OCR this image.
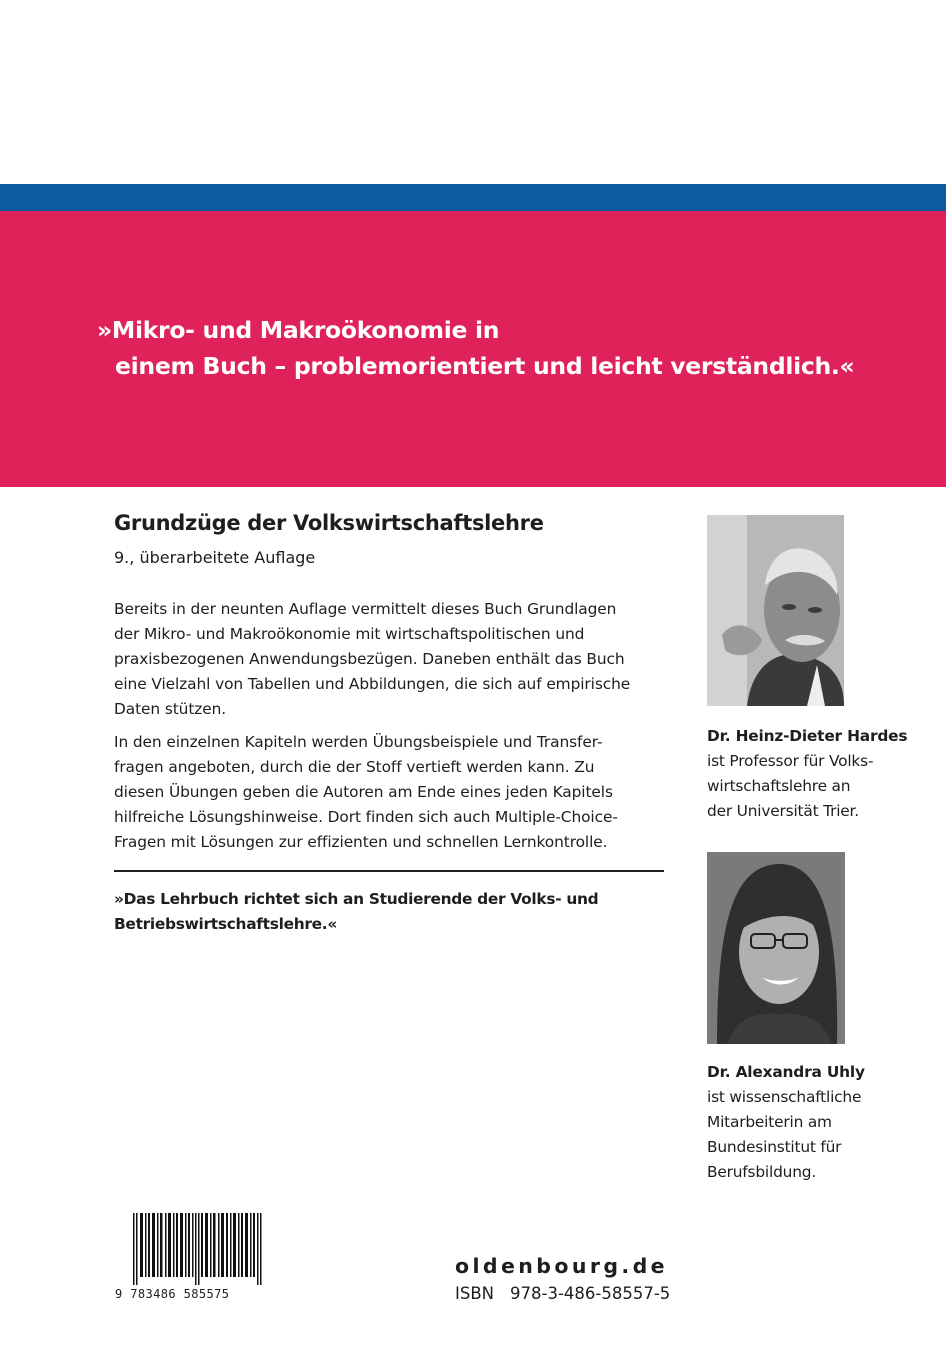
»Mikro- und Makroökonomie in
einem Buch – problemorientiert und leicht verständlich.«
Grundzüge der Volkswirtschaftslehre
9., überarbeitete Auflage
Bereits in der neunten Auflage vermittelt dieses Buch Grundlagen
der Mikro- und Makroökonomie mit wirtschaftspolitischen und
praxisbezogenen Anwendungsbezügen. Daneben enthält das Buch
eine Vielzahl von Tabellen und Abbildungen, die sich auf empirische
Daten stützen.
In den einzelnen Kapiteln werden Übungsbeispiele und Transfer-
fragen angeboten, durch die der Stoff vertieft werden kann. Zu
diesen Übungen geben die Autoren am Ende eines jeden Kapitels
hilfreiche Lösungshinweise. Dort finden sich auch Multiple-Choice-
Fragen mit Lösungen zur effizienten und schnellen Lernkontrolle.
»Das Lehrbuch richtet sich an Studierende der Volks- und
Betriebswirtschaftslehre.«
Dr. Heinz-Dieter Hardes
ist Professor für Volks-
wirtschaftslehre an
der Universität Trier.
Dr. Alexandra Uhly
ist wissenschaftliche
Mitarbeiterin am
Bundesinstitut für
Berufsbildung.
9 783486 585575
oldenbourg.de
ISBN 978-3-486-58557-5
